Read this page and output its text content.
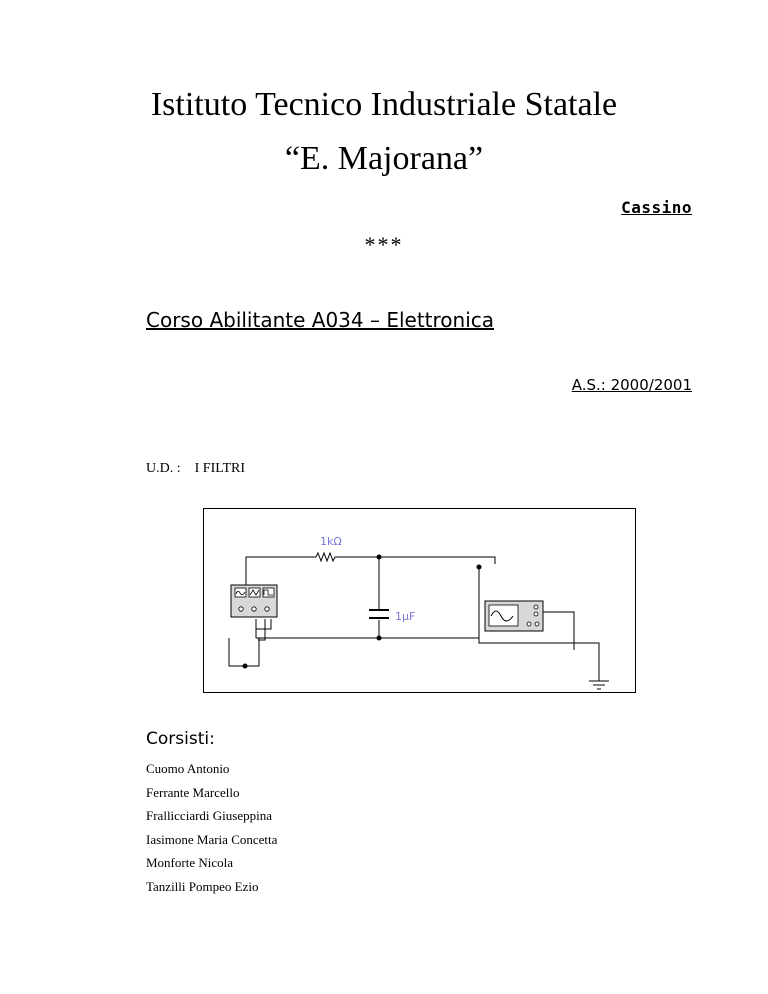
Istituto Tecnico Industriale Statale
“E. Majorana”
Cassino
***
Corso Abilitante A034 – Elettronica
A.S.: 2000/2001
U.D. : I FILTRI
1kΩ
1µF
Corsisti:
Cuomo Antonio
Ferrante Marcello
Frallicciardi Giuseppina
Iasimone Maria Concetta
Monforte Nicola
Tanzilli Pompeo Ezio
